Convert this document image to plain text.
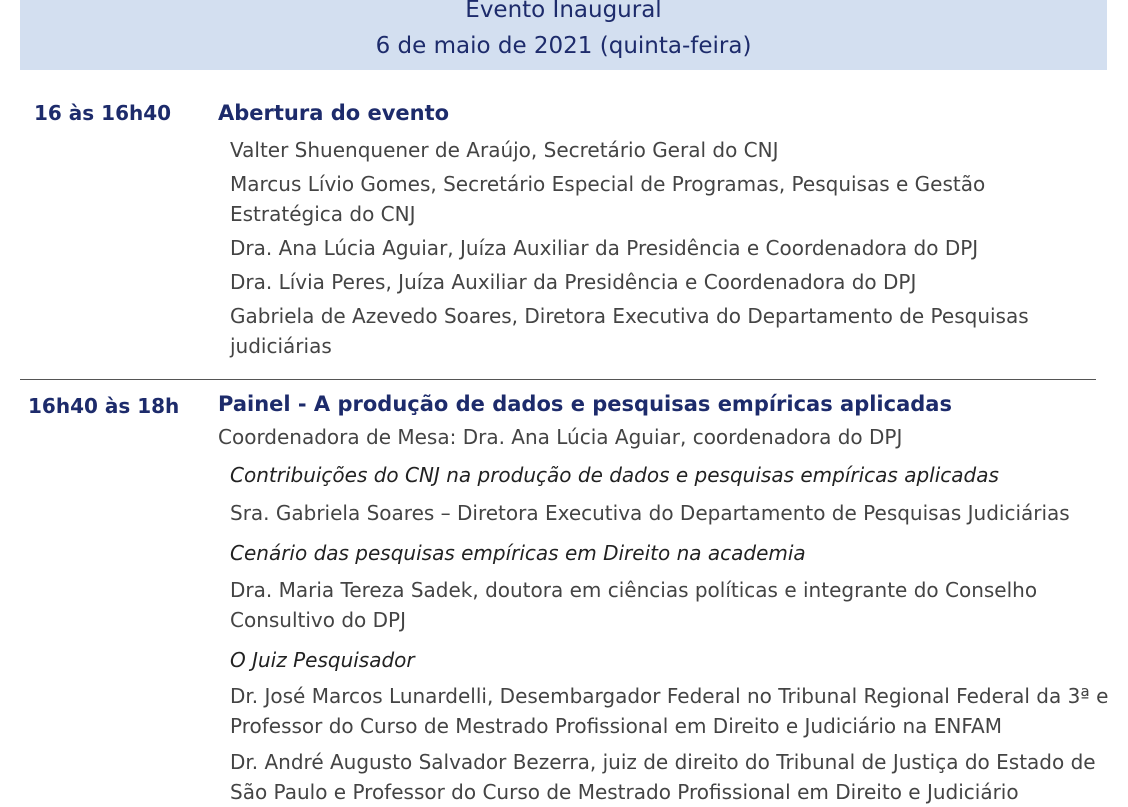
Evento Inaugural
6 de maio de 2021 (quinta-feira)
16 às 16h40 Abertura do evento
Valter Shuenquener de Araújo, Secretário Geral do CNJ
Marcus Lívio Gomes, Secretário Especial de Programas, Pesquisas e Gestão Estratégica do CNJ
Dra. Ana Lúcia Aguiar, Juíza Auxiliar da Presidência e Coordenadora do DPJ
Dra. Lívia Peres, Juíza Auxiliar da Presidência e Coordenadora do DPJ
Gabriela de Azevedo Soares, Diretora Executiva do Departamento de Pesquisas judiciárias
16h40 às 18h Painel - A produção de dados e pesquisas empíricas aplicadas
Coordenadora de Mesa: Dra. Ana Lúcia Aguiar, coordenadora do DPJ
Contribuições do CNJ na produção de dados e pesquisas empíricas aplicadas
Sra. Gabriela Soares – Diretora Executiva do Departamento de Pesquisas Judiciárias
Cenário das pesquisas empíricas em Direito na academia
Dra. Maria Tereza Sadek, doutora em ciências políticas e integrante do Conselho Consultivo do DPJ
O Juiz Pesquisador
Dr. José Marcos Lunardelli, Desembargador Federal no Tribunal Regional Federal da 3ª e Professor do Curso de Mestrado Profissional em Direito e Judiciário na ENFAM
Dr. André Augusto Salvador Bezerra, juiz de direito do Tribunal de Justiça do Estado de São Paulo e Professor do Curso de Mestrado Profissional em Direito e Judiciário
